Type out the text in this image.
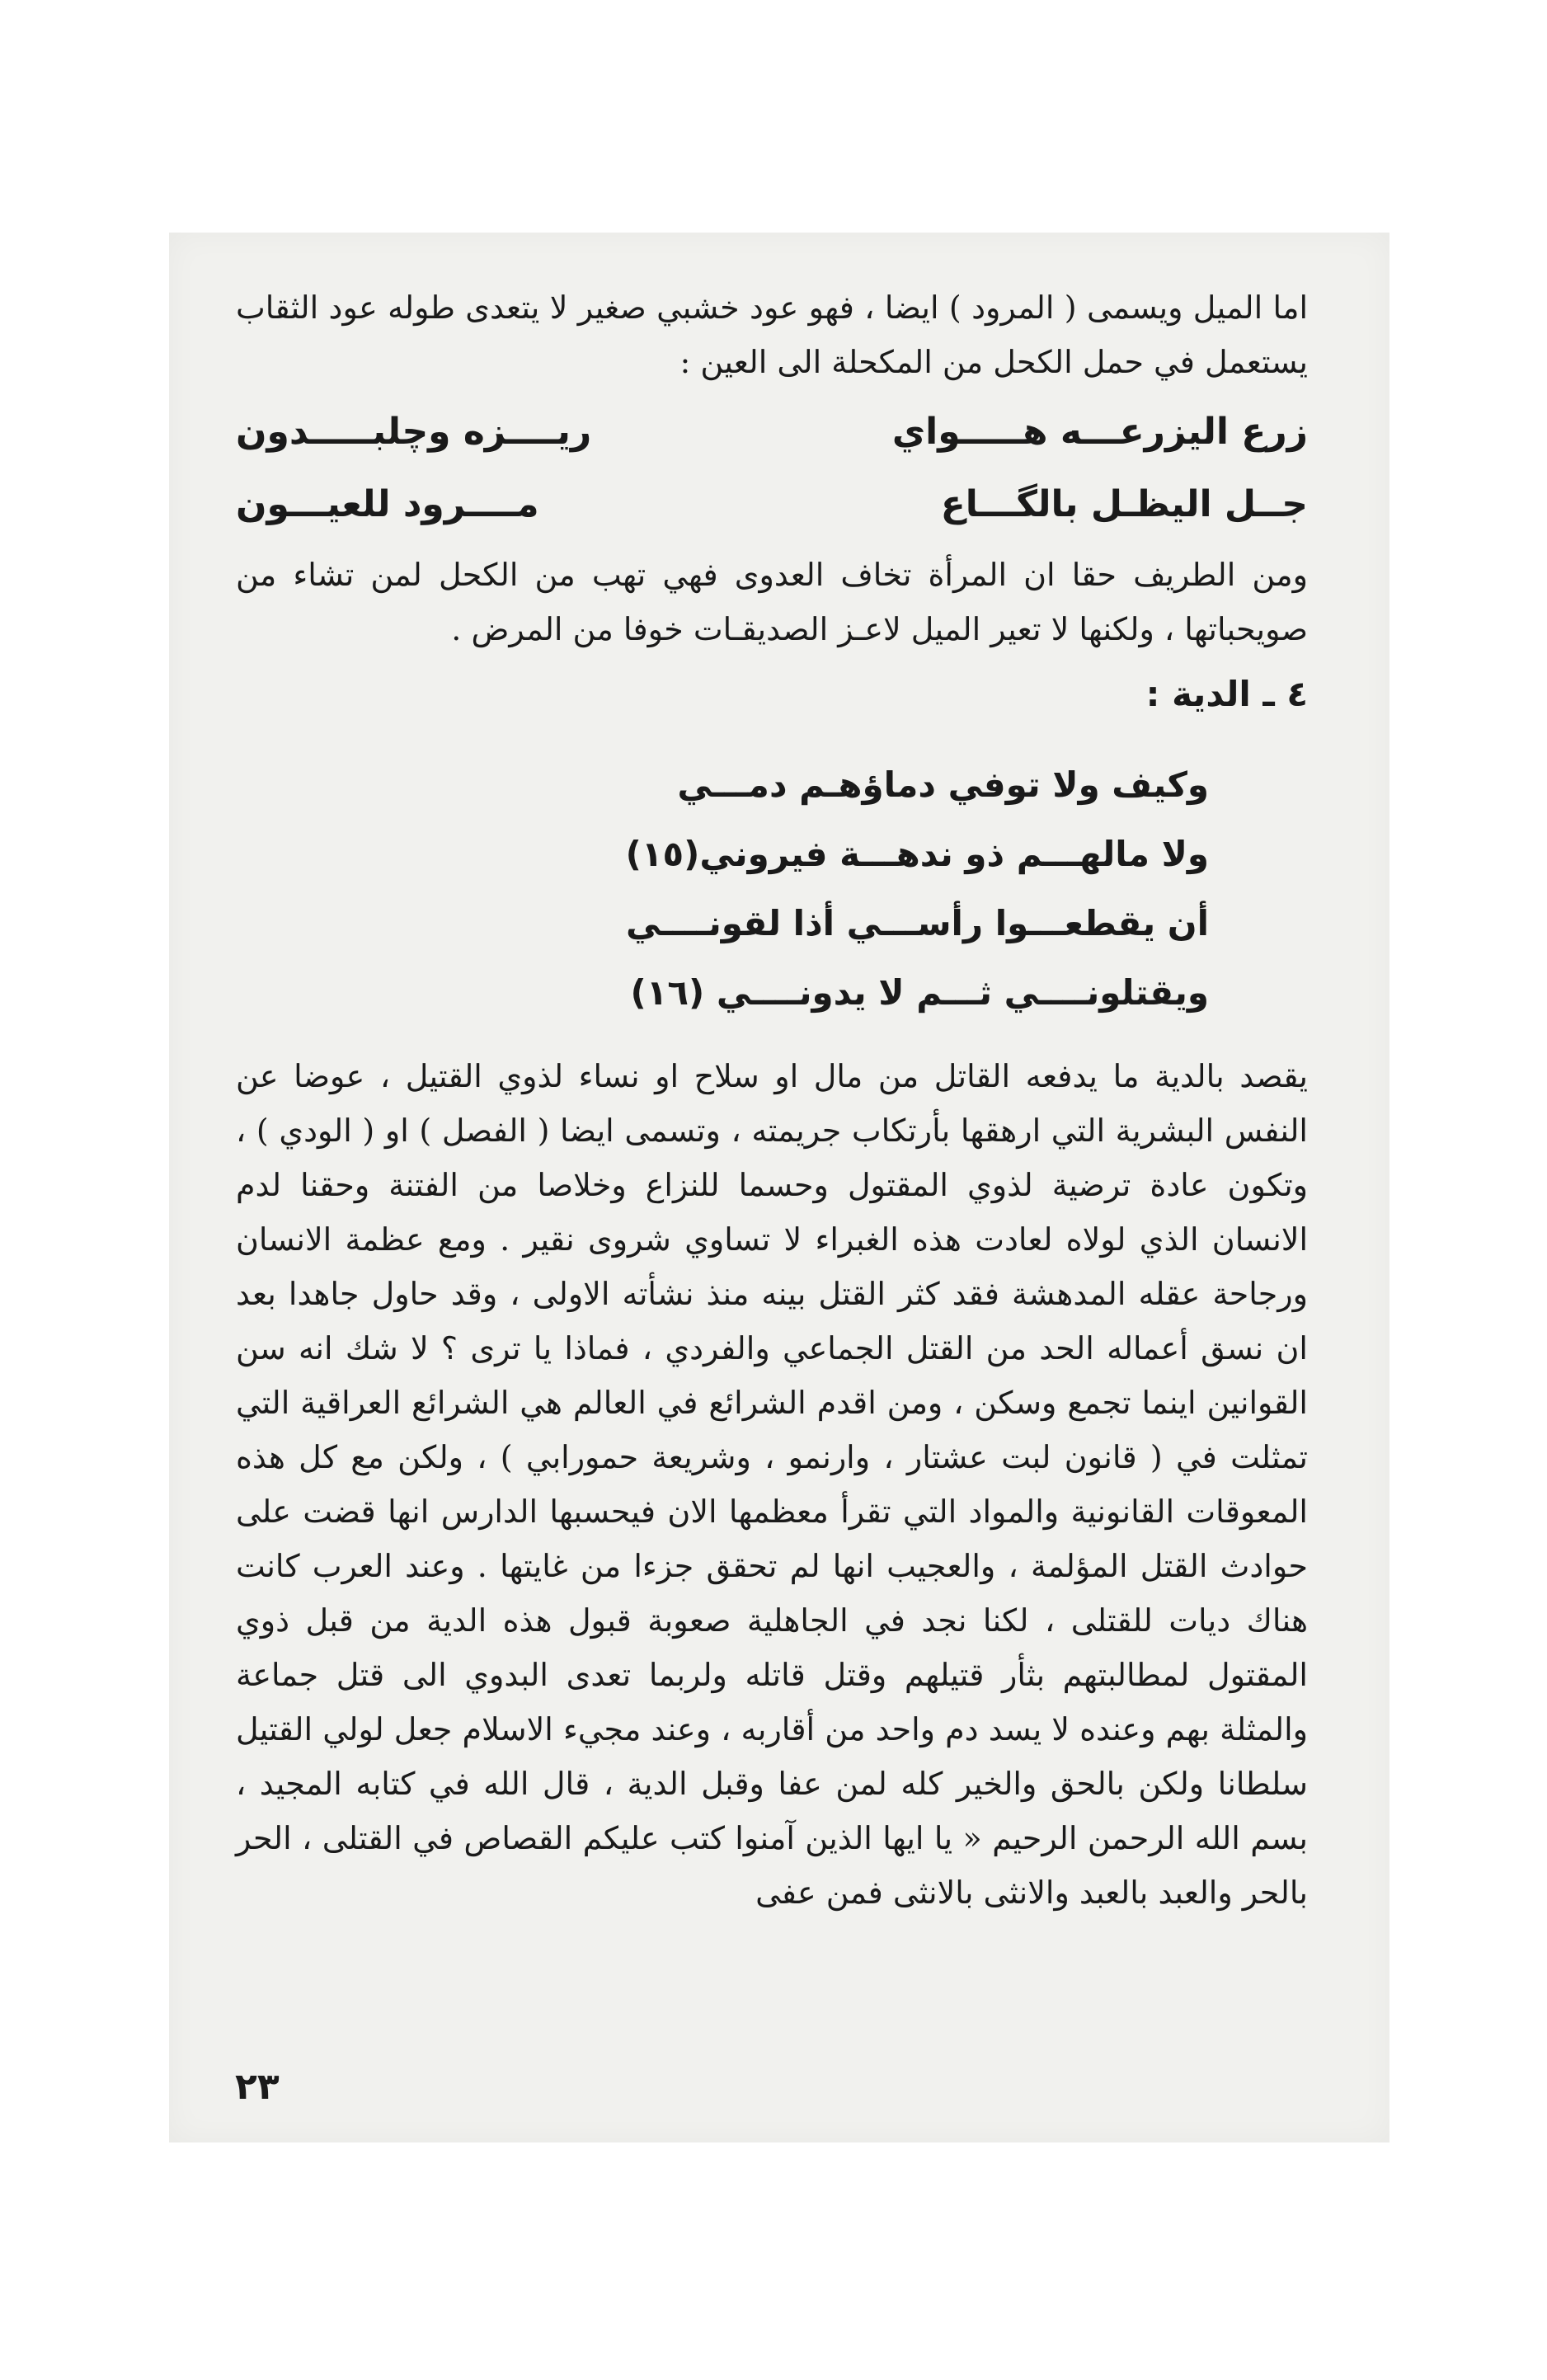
اما الميل ويسمى ( المرود ) ايضا ، فهو عود خشبي صغير لا يتعدى طوله عود الثقاب يستعمل في حمل الكحل من المكحلة الى العين :

زرع اليزرعـــه هـــــواي
ريــــزه وچلبـــــدون
جــل اليظـل بالگـــاع
مــــرود للعيـــون

ومن الطريف حقا ان المرأة تخاف العدوى فهي تهب من الكحل لمن تشاء من صويحباتها ، ولكنها لا تعير الميل لاعـز الصديقـات خوفا من المرض .

٤ ـ الدية :
وكيف ولا توفي دماؤهـم دمـــي
ولا مالهـــم ذو ندهـــة فيروني(١٥)
أن يقطعـــوا رأســـي أذا لقونــــي
ويقتلونــــي ثـــم لا يدونــــي (١٦)

يقصد بالدية ما يدفعه القاتل من مال او سلاح او نساء لذوي القتيل ، عوضا عن النفس البشرية التي ارهقها بأرتكاب جريمته ، وتسمى ايضا ( الفصل ) او ( الودي ) ، وتكون عادة ترضية لذوي المقتول وحسما للنزاع وخلاصا من الفتنة وحقنا لدم الانسان الذي لولاه لعادت هذه الغبراء لا تساوي شروى نقير . ومع عظمة الانسان ورجاحة عقله المدهشة فقد كثر القتل بينه منذ نشأته الاولى ، وقد حاول جاهدا بعد ان نسق أعماله الحد من القتل الجماعي والفردي ، فماذا يا ترى ؟ لا شك انه سن القوانين اينما تجمع وسكن ، ومن اقدم الشرائع في العالم هي الشرائع العراقية التي تمثلت في ( قانون لبت عشتار ، وارنمو ، وشريعة حمورابي ) ، ولكن مع كل هذه المعوقات القانونية والمواد التي تقرأ معظمها الان فيحسبها الدارس انها قضت على حوادث القتل المؤلمة ، والعجيب انها لم تحقق جزءا من غايتها . وعند العرب كانت هناك ديات للقتلى ، لكنا نجد في الجاهلية صعوبة قبول هذه الدية من قبل ذوي المقتول لمطالبتهم بثأر قتيلهم وقتل قاتله ولربما تعدى البدوي الى قتل جماعة والمثلة بهم وعنده لا يسد دم واحد من أقاربه ، وعند مجيء الاسلام جعل لولي القتيل سلطانا ولكن بالحق والخير كله لمن عفا وقبل الدية ، قال الله في كتابه المجيد ، بسم الله الرحمن الرحيم « يا ايها الذين آمنوا كتب عليكم القصاص في القتلى ، الحر بالحر والعبد بالعبد والانثى بالانثى فمن عفى

٢٣
